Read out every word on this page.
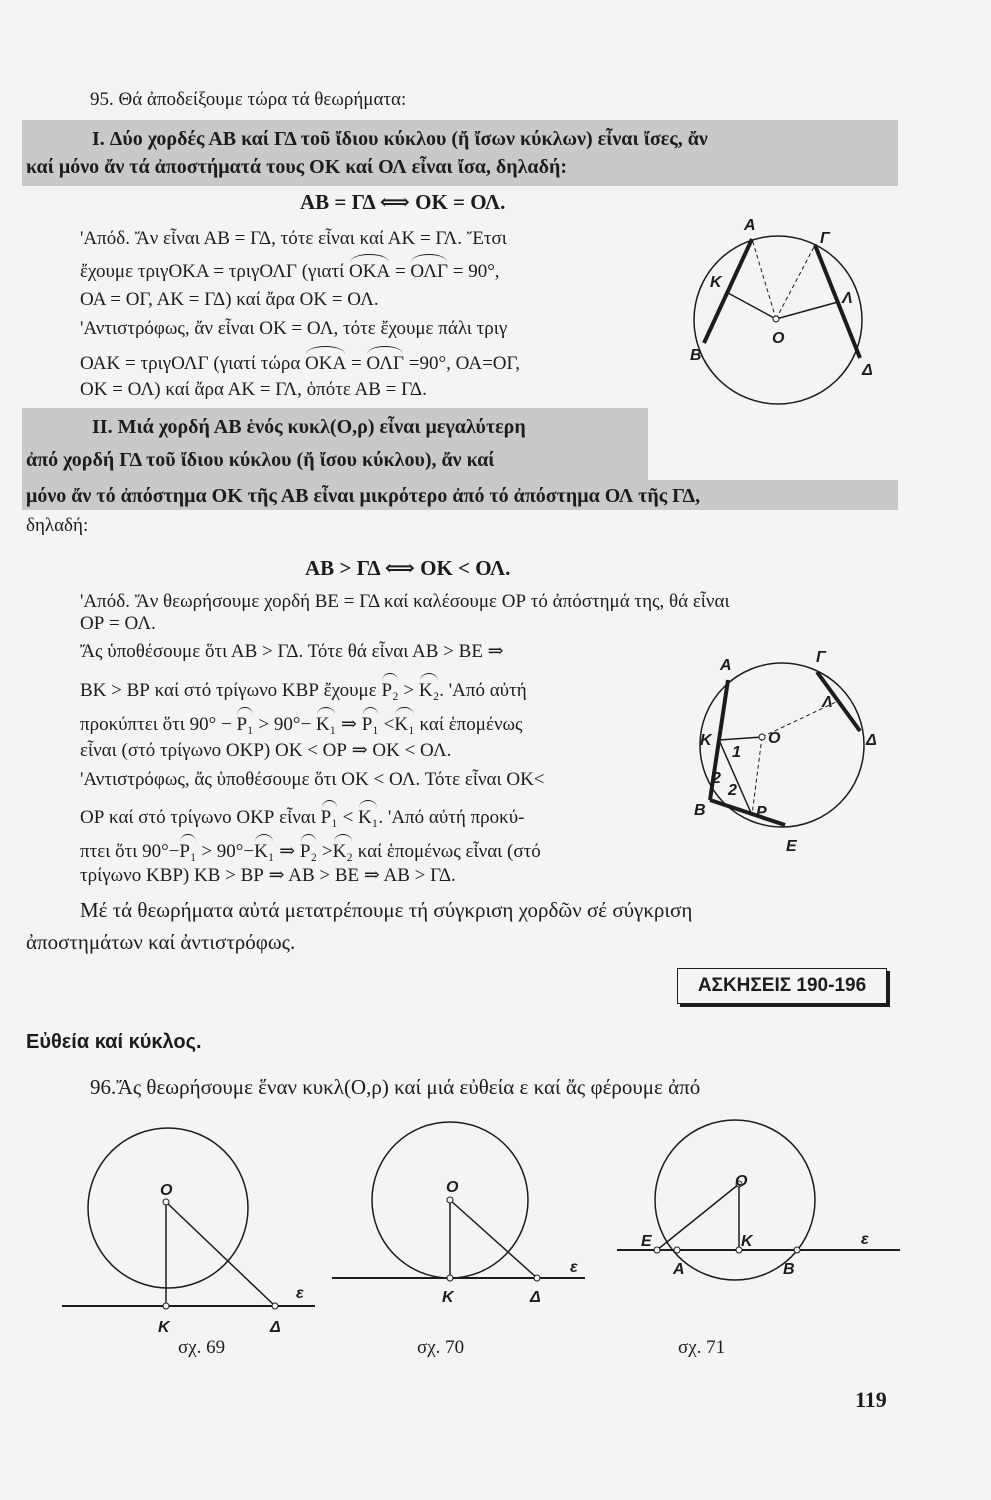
95. Θά ἀποδείξουμε τώρα τά θεωρήματα:
I. Δύο χορδές ΑΒ καί ΓΔ τοῦ ἴδιου κύκλου (ἤ ἴσων κύκλων) εἶναι ἴσες, ἄν
καί μόνο ἄν τά ἀποστήματά τους ΟΚ καί ΟΛ εἶναι ἴσα, δηλαδή:
ΑΒ = ΓΔ ⟺ ΟΚ = ΟΛ.
'Απόδ. Ἄν εἶναι ΑΒ = ΓΔ, τότε εἶναι καί ΑΚ = ΓΛ. Ἔτσι
ἔχουμε τριγΟΚΑ = τριγΟΛΓ (γιατί ΟΚΑ = ΟΛΓ = 90°,
ΟΑ = ΟΓ, ΑΚ = ΓΔ) καί ἄρα ΟΚ = ΟΛ.
'Αντιστρόφως, ἄν εἶναι ΟΚ = ΟΛ, τότε ἔχουμε πάλι τριγ
ΟΑΚ = τριγΟΛΓ (γιατί τώρα ΟΚΑ = ΟΛΓ =90°, ΟΑ=ΟΓ,
ΟΚ = ΟΛ) καί ἄρα ΑΚ = ΓΛ, ὁπότε ΑΒ = ΓΔ.
Α
Γ
Κ
Λ
Β
O
Δ
II. Μιά χορδή ΑΒ ἑνός κυκλ(Ο,ρ) εἶναι μεγαλύτερη
ἀπό χορδή ΓΔ τοῦ ἴδιου κύκλου (ἤ ἴσου κύκλου), ἄν καί
μόνο ἄν τό ἀπόστημα ΟΚ τῆς ΑΒ εἶναι μικρότερο ἀπό τό ἀπόστημα ΟΛ τῆς ΓΔ,
δηλαδή:
ΑΒ > ΓΔ ⟺ ΟΚ < ΟΛ.
'Απόδ. Ἄν θεωρήσουμε χορδή ΒΕ = ΓΔ καί καλέσουμε ΟΡ τό ἀπόστημά της, θά εἶναι
ΟΡ = ΟΛ.
Ἄς ὑποθέσουμε ὅτι ΑΒ > ΓΔ. Τότε θά εἶναι ΑΒ > ΒΕ ⇒
ΒΚ > ΒΡ καί στό τρίγωνο ΚΒΡ ἔχουμε Ρ₂ > Κ₂. 'Από αὐτή
προκύπτει ὅτι 90° − Ρ₁ > 90°− Κ₁ ⇒ Ρ₁ <Κ₁ καί ἑπομένως
εἶναι (στό τρίγωνο ΟΚΡ) ΟΚ < ΟΡ ⇒ ΟΚ < ΟΛ.
'Αντιστρόφως, ἄς ὑποθέσουμε ὅτι ΟΚ < ΟΛ. Τότε εἶναι ΟΚ<
ΟΡ καί στό τρίγωνο ΟΚΡ εἶναι Ρ₁ < Κ₁. 'Από αὐτή προκύ-
πτει ὅτι 90°−Ρ₁ > 90°−Κ₁ ⇒ Ρ₂ >Κ₂ καί ἑπομένως εἶναι (στό
τρίγωνο ΚΒΡ) ΚΒ > ΒΡ ⇒ ΑΒ > ΒΕ ⇒ ΑΒ > ΓΔ.
Α	Γ
Λ
Κ	O	Δ
1
2
2
P
Β
Ε
Μέ τά θεωρήματα αὐτά μετατρέπουμε τή σύγκριση χορδῶν σέ σύγκριση
ἀποστημάτων καί ἀντιστρόφως.
ΑΣΚΗΣΕΙΣ 190-196
Εὐθεία καί κύκλος.
96.Ἄς θεωρήσουμε ἕναν κυκλ(Ο,ρ) καί μιά εὐθεία ε καί ἄς φέρουμε ἀπό
O
Κ	Δ
ε
O
Κ	Δ
ε
O
Ε	Κ
Α	Β
ε
σχ. 69	σχ. 70	σχ. 71
119
